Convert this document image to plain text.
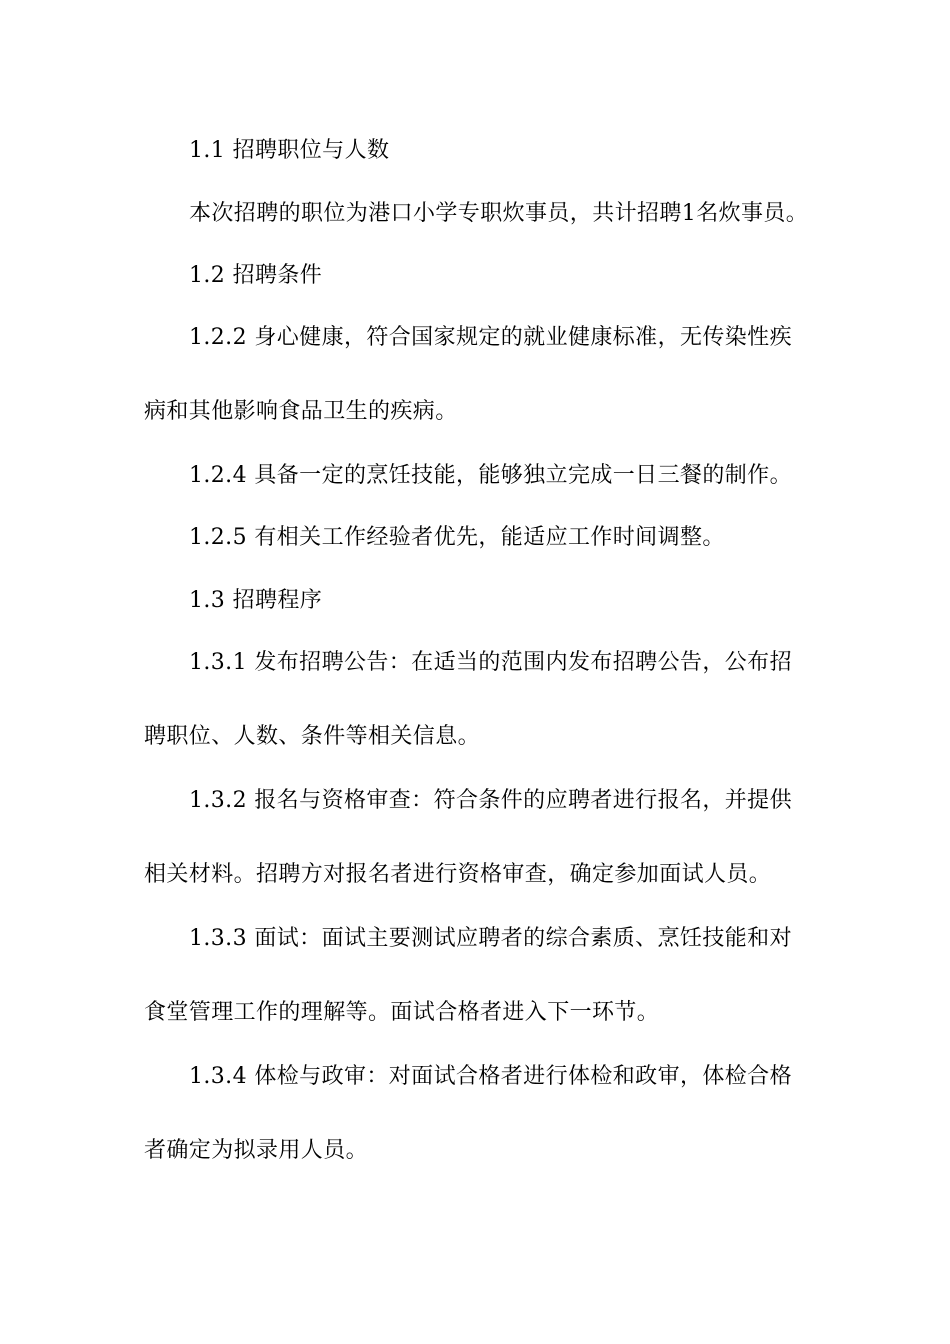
1.1 招聘职位与人数
本次招聘的职位为港口小学专职炊事员，共计招聘1名炊事员。
1.2 招聘条件
1.2.2 身心健康，符合国家规定的就业健康标准，无传染性疾
病和其他影响食品卫生的疾病。
1.2.4 具备一定的烹饪技能，能够独立完成一日三餐的制作。
1.2.5 有相关工作经验者优先，能适应工作时间调整。
1.3 招聘程序
1.3.1 发布招聘公告：在适当的范围内发布招聘公告，公布招
聘职位、人数、条件等相关信息。
1.3.2 报名与资格审查：符合条件的应聘者进行报名，并提供
相关材料。招聘方对报名者进行资格审查，确定参加面试人员。
1.3.3 面试：面试主要测试应聘者的综合素质、烹饪技能和对
食堂管理工作的理解等。面试合格者进入下一环节。
1.3.4 体检与政审：对面试合格者进行体检和政审，体检合格
者确定为拟录用人员。
